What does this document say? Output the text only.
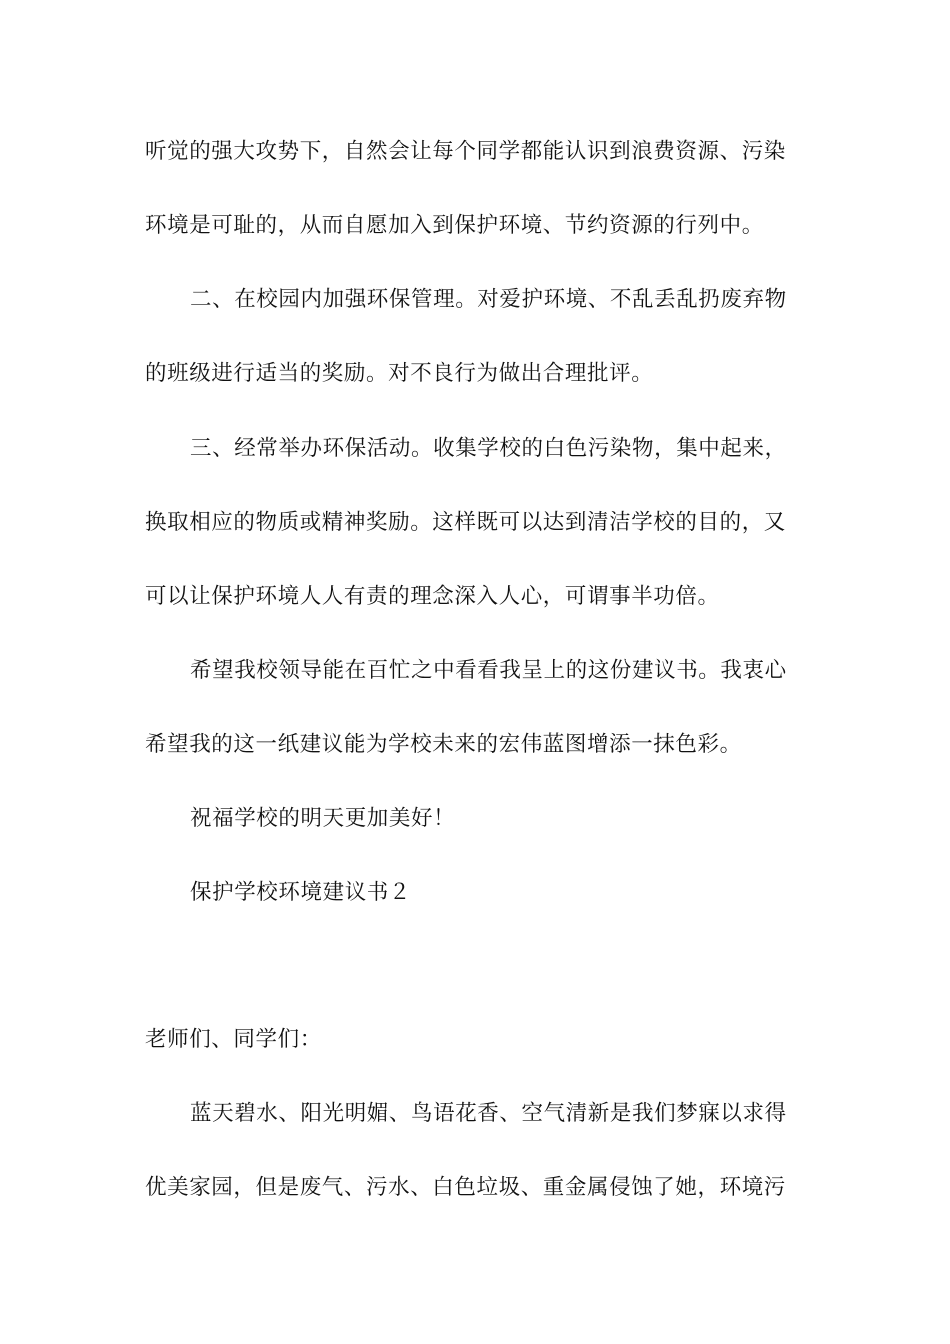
听觉的强大攻势下，自然会让每个同学都能认识到浪费资源、污染
环境是可耻的，从而自愿加入到保护环境、节约资源的行列中。
二、在校园内加强环保管理。对爱护环境、不乱丢乱扔废弃物
的班级进行适当的奖励。对不良行为做出合理批评。
三、经常举办环保活动。收集学校的白色污染物，集中起来，
换取相应的物质或精神奖励。这样既可以达到清洁学校的目的，又
可以让保护环境人人有责的理念深入人心，可谓事半功倍。
希望我校领导能在百忙之中看看我呈上的这份建议书。我衷心
希望我的这一纸建议能为学校未来的宏伟蓝图增添一抹色彩。
祝福学校的明天更加美好！
保护学校环境建议书２
老师们、同学们：
蓝天碧水、阳光明媚、鸟语花香、空气清新是我们梦寐以求得
优美家园，但是废气、污水、白色垃圾、重金属侵蚀了她，环境污
